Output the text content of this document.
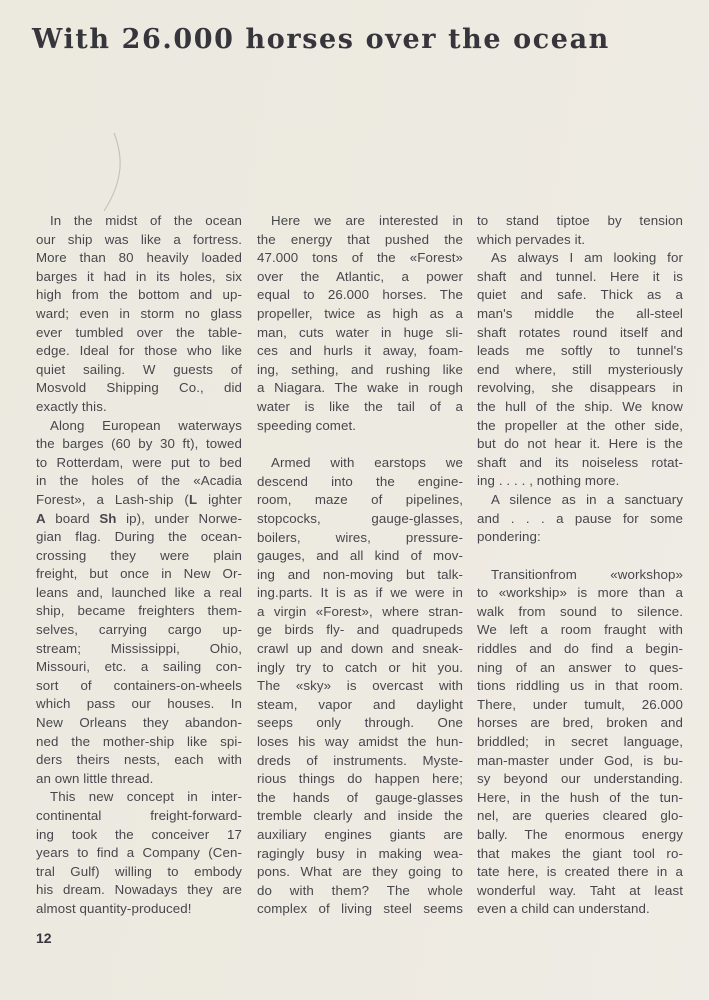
With 26.000 horses over the ocean
In the midst of the ocean
our ship was like a fortress.
More than 80 heavily loaded
barges it had in its holes, six
high from the bottom and up-
ward; even in storm no glass
ever tumbled over the table-
edge. Ideal for those who like
quiet sailing. W guests of
Mosvold Shipping Co., did
exactly this.
Along European waterways
the barges (60 by 30 ft), towed
to Rotterdam, were put to bed
in the holes of the «Acadia
Forest», a Lash-ship (L ighter
A board Sh ip), under Norwe-
gian flag. During the ocean-
crossing they were plain
freight, but once in New Or-
leans and, launched like a real
ship, became freighters them-
selves, carrying cargo up-
stream; Mississippi, Ohio,
Missouri, etc. a sailing con-
sort of containers-on-wheels
which pass our houses. In
New Orleans they abandon-
ned the mother-ship like spi-
ders theirs nests, each with
an own little thread.
This new concept in inter-
continental freight-forward-
ing took the conceiver 17
years to find a Company (Cen-
tral Gulf) willing to embody
his dream. Nowadays they are
almost quantity-produced!
Here we are interested in
the energy that pushed the
47.000 tons of the «Forest»
over the Atlantic, a power
equal to 26.000 horses. The
propeller, twice as high as a
man, cuts water in huge sli-
ces and hurls it away, foam-
ing, sething, and rushing like
a Niagara. The wake in rough
water is like the tail of a
speeding comet.
Armed with earstops we
descend into the engine-
room, maze of pipelines,
stopcocks, gauge-glasses,
boilers, wires, pressure-
gauges, and all kind of mov-
ing and non-moving but talk-
ing.parts. It is as if we were in
a virgin «Forest», where stran-
ge birds fly- and quadrupeds
crawl up and down and sneak-
ingly try to catch or hit you.
The «sky» is overcast with
steam, vapor and daylight
seeps only through. One
loses his way amidst the hun-
dreds of instruments. Myste-
rious things do happen here;
the hands of gauge-glasses
tremble clearly and inside the
auxiliary engines giants are
ragingly busy in making wea-
pons. What are they going to
do with them? The whole
complex of living steel seems
to stand tiptoe by tension
which pervades it.
As always I am looking for
shaft and tunnel. Here it is
quiet and safe. Thick as a
man's middle the all-steel
shaft rotates round itself and
leads me softly to tunnel's
end where, still mysteriously
revolving, she disappears in
the hull of the ship. We know
the propeller at the other side,
but do not hear it. Here is the
shaft and its noiseless rotat-
ing . . . . , nothing more.
A silence as in a sanctuary
and . . . a pause for some
pondering:
Transitionfrom «workshop»
to «workship» is more than a
walk from sound to silence.
We left a room fraught with
riddles and do find a begin-
ning of an answer to ques-
tions riddling us in that room.
There, under tumult, 26.000
horses are bred, broken and
briddled; in secret language,
man-master under God, is bu-
sy beyond our understanding.
Here, in the hush of the tun-
nel, are queries cleared glo-
bally. The enormous energy
that makes the giant tool ro-
tate here, is created there in a
wonderful way. Taht at least
even a child can understand.
12
